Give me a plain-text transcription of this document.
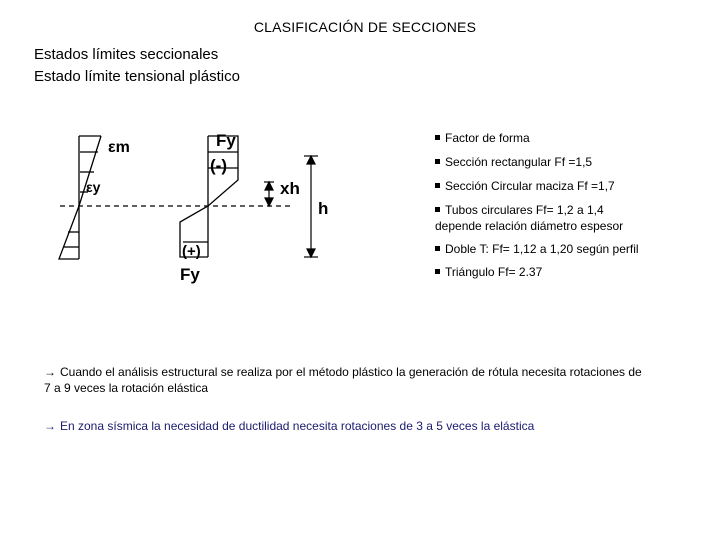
CLASIFICACIÓN DE SECCIONES
Estados límites seccionales
Estado límite tensional plástico
εm
εy
Fy
(-)
(+)
Fy
xh
h
Factor de forma
Sección rectangular Ff =1,5
Sección Circular maciza Ff =1,7
Tubos circulares Ff= 1,2 a 1,4
depende relación diámetro espesor
Doble T: Ff= 1,12 a 1,20 según perfil
Triángulo Ff= 2.37
→ Cuando el análisis estructural se realiza por el método plástico la generación de rótula necesita rotaciones de 7 a 9 veces la rotación elástica
→ En zona sísmica la necesidad de ductilidad necesita rotaciones de 3 a 5 veces la elástica
